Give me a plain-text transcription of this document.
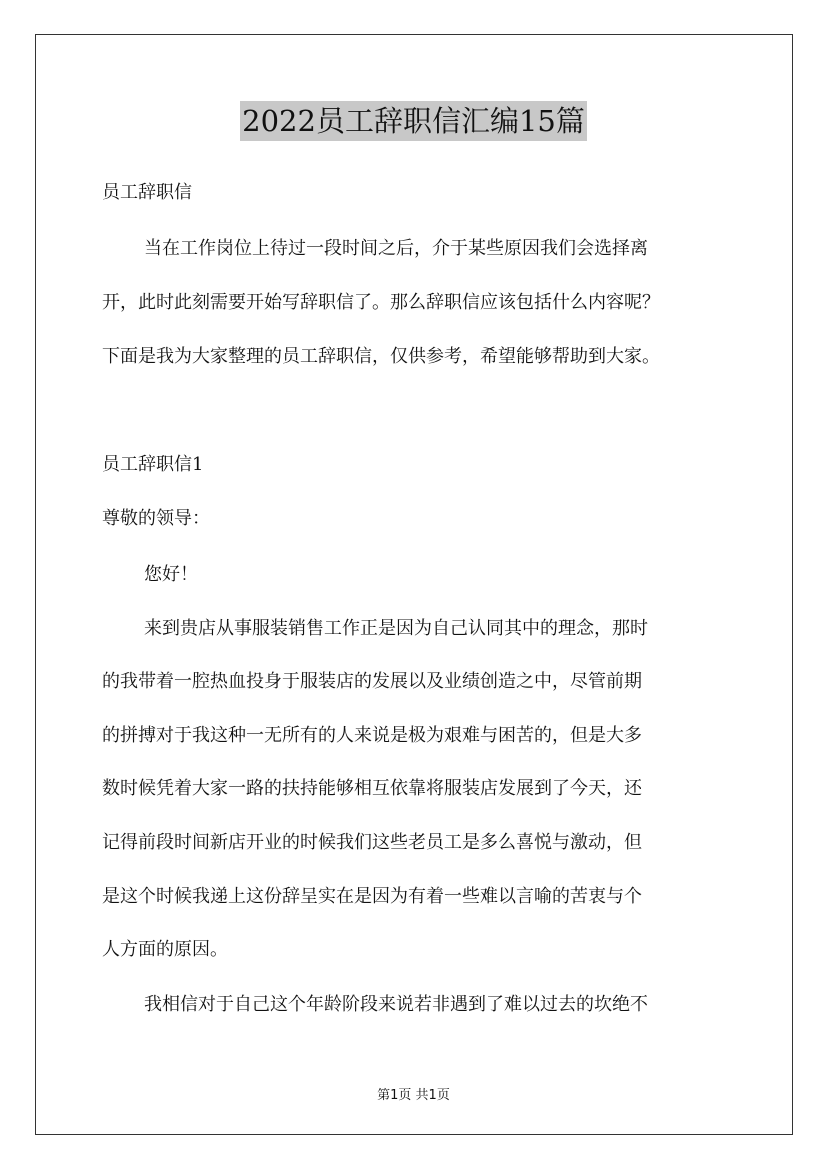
2022员工辞职信汇编15篇
员工辞职信
当在工作岗位上待过一段时间之后，介于某些原因我们会选择离
开，此时此刻需要开始写辞职信了。那么辞职信应该包括什么内容呢？
下面是我为大家整理的员工辞职信，仅供参考，希望能够帮助到大家。
员工辞职信1
尊敬的领导：
您好！
来到贵店从事服装销售工作正是因为自己认同其中的理念，那时
的我带着一腔热血投身于服装店的发展以及业绩创造之中，尽管前期
的拼搏对于我这种一无所有的人来说是极为艰难与困苦的，但是大多
数时候凭着大家一路的扶持能够相互依靠将服装店发展到了今天，还
记得前段时间新店开业的时候我们这些老员工是多么喜悦与激动，但
是这个时候我递上这份辞呈实在是因为有着一些难以言喻的苦衷与个
人方面的原因。
我相信对于自己这个年龄阶段来说若非遇到了难以过去的坎绝不
第1页 共1页
